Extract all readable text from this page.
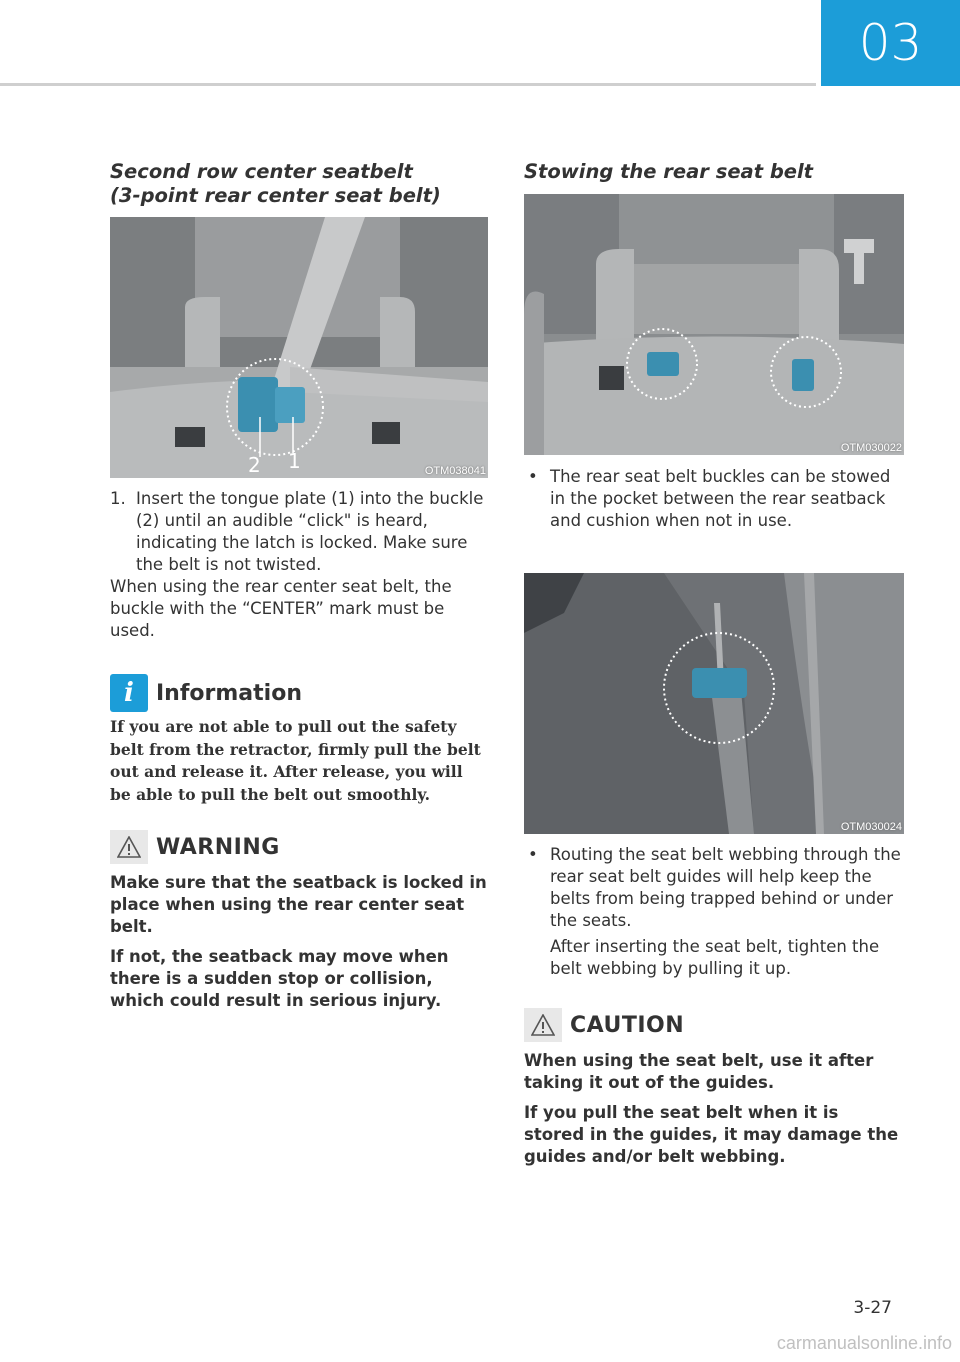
03
Second row center seatbelt
(3-point rear center seat belt)
2 1	OTM038041
1. Insert the tongue plate (1) into the buckle (2) until an audible “click" is heard, indicating the latch is locked. Make sure the belt is not twisted.
When using the rear center seat belt, the buckle with the “CENTER” mark must be used.
i	Information
If you are not able to pull out the safety belt from the retractor, firmly pull the belt out and release it. After release, you will be able to pull the belt out smoothly.
WARNING

Make sure that the seatback is locked in place when using the rear center seat belt.

If not, the seatback may move when there is a sudden stop or collision, which could result in serious injury.

Stowing the rear seat belt
OTM030022
• The rear seat belt buckles can be stowed in the pocket between the rear seatback and cushion when not in use.
OTM030024
• Routing the seat belt webbing through the rear seat belt guides will help keep the belts from being trapped behind or under the seats.
After inserting the seat belt, tighten the belt webbing by pulling it up.
CAUTION

When using the seat belt, use it after taking it out of the guides.

If you pull the seat belt when it is stored in the guides, it may damage the guides and/or belt webbing.

3-27
carmanualsonline.info
